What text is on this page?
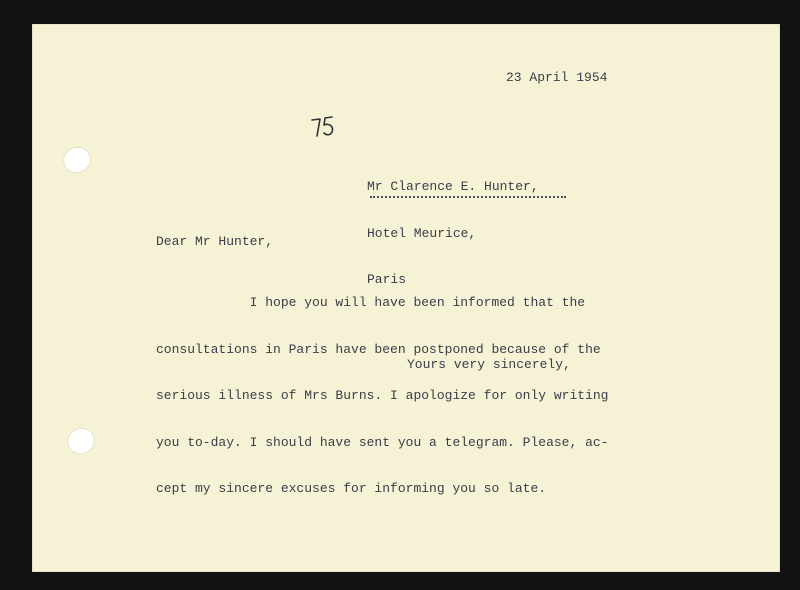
23 April 1954

Mr Clarence E. Hunter,

Hotel Meurice,

Paris

Dear Mr Hunter,

I hope you will have been informed that the

consultations in Paris have been postponed because of the

serious illness of Mrs Burns. I apologize for only writing

you to-day. I should have sent you a telegram. Please, ac-

cept my sincere excuses for informing you so late.

Yours very sincerely,
